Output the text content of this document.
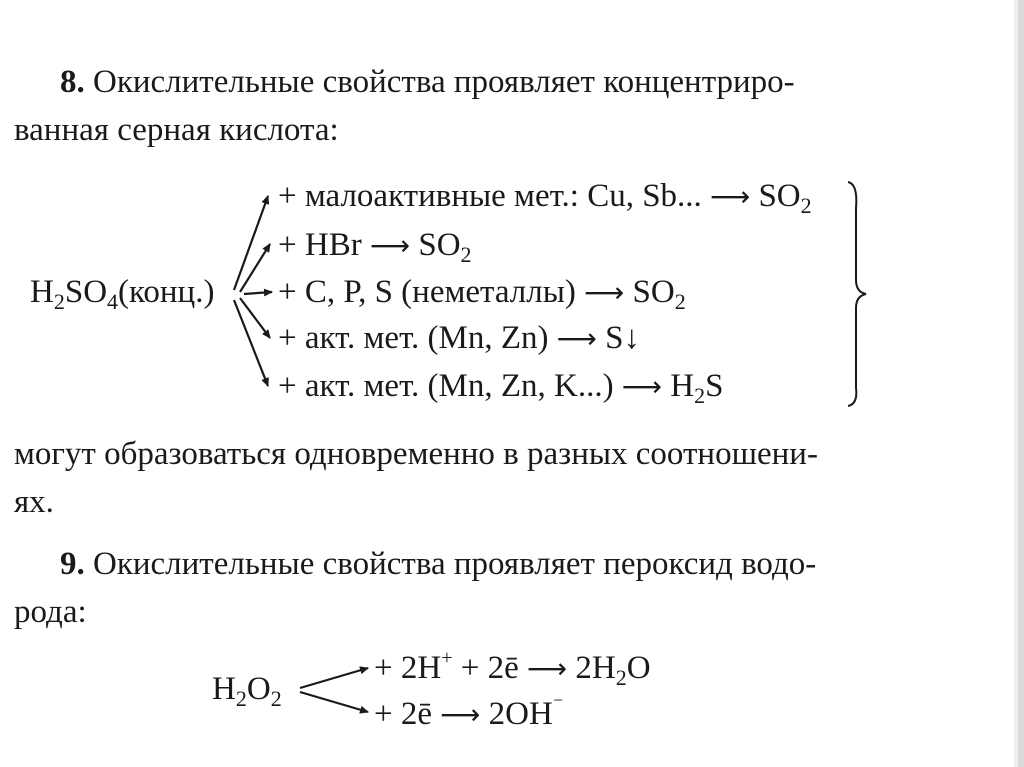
8. Окислительные свойства проявляет концентриро-
ванная серная кислота:
$H_2SO_4(конц.)$
+ малоактивные мет.: Cu, Sb... ⟶ $SO_2$
+ HBr ⟶ $SO_2$
+ C, P, S (неметаллы) ⟶ $SO_2$
+ акт. мет. (Mn, Zn) ⟶ S↓
+ акт. мет. (Mn, Zn, K...) ⟶ $H_2S$
могут образоваться одновременно в разных соотношени-
ях.
9. Окислительные свойства проявляет пероксид водо-
рода:
$H_2O_2$
+ 2H+ + 2ē ⟶ $2H_2O$
+ 2ē ⟶ 2OH⁻
